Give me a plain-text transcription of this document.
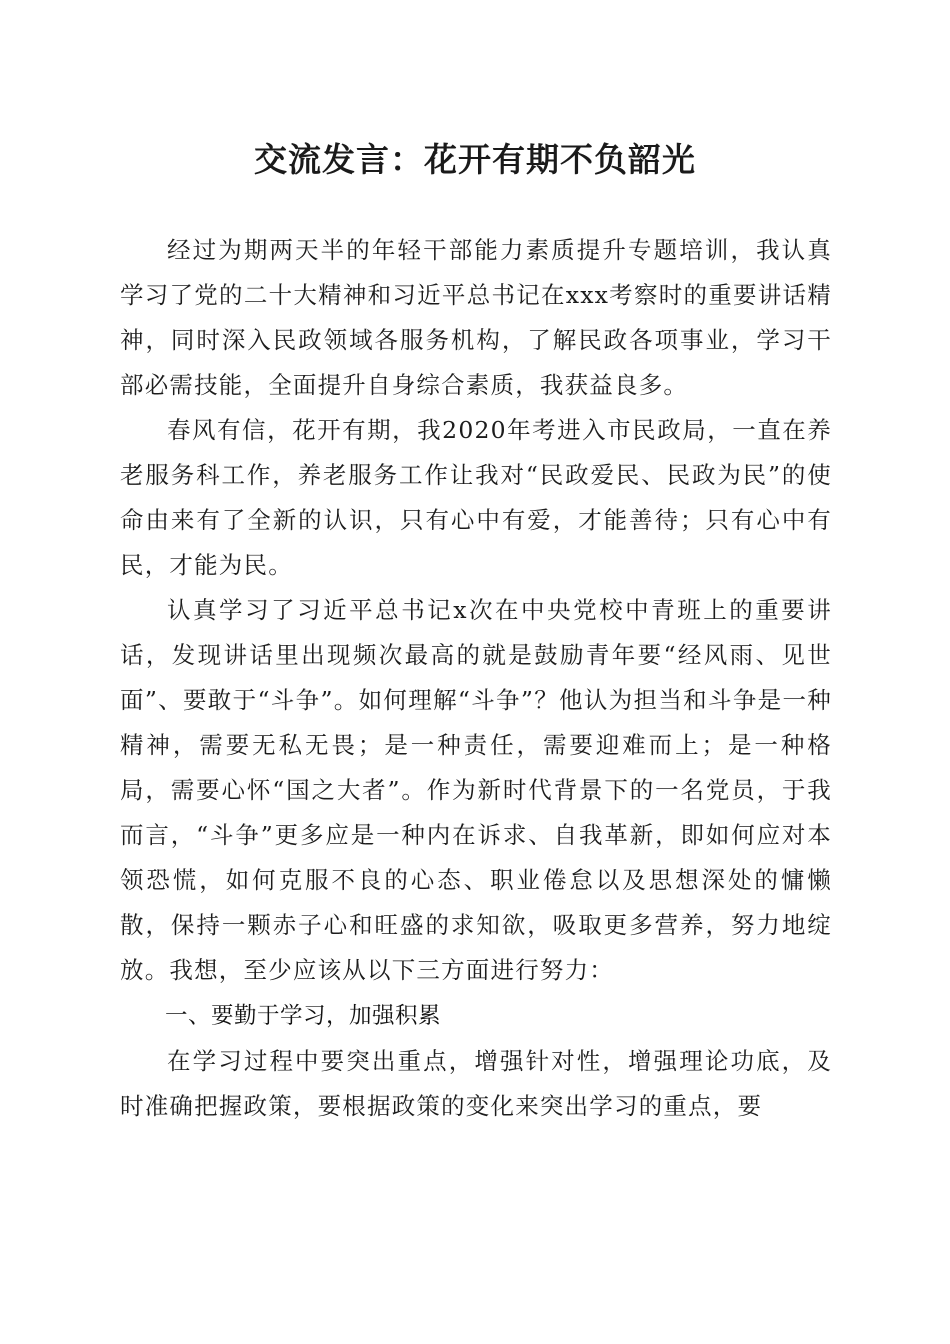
交流发言：花开有期不负韶光

经过为期两天半的年轻干部能力素质提升专题培训，我认真学习了党的二十大精神和习近平总书记在xxx考察时的重要讲话精神，同时深入民政领域各服务机构，了解民政各项事业，学习干部必需技能，全面提升自身综合素质，我获益良多。

春风有信，花开有期，我2020年考进入市民政局，一直在养老服务科工作，养老服务工作让我对“民政爱民、民政为民”的使命由来有了全新的认识，只有心中有爱，才能善待；只有心中有民，才能为民。

认真学习了习近平总书记x次在中央党校中青班上的重要讲话，发现讲话里出现频次最高的就是鼓励青年要“经风雨、见世面”、要敢于“斗争”。如何理解“斗争”？他认为担当和斗争是一种精神，需要无私无畏；是一种责任，需要迎难而上；是一种格局，需要心怀“国之大者”。作为新时代背景下的一名党员，于我而言，“斗争”更多应是一种内在诉求、自我革新，即如何应对本领恐慌，如何克服不良的心态、职业倦怠以及思想深处的慵懒散，保持一颗赤子心和旺盛的求知欲，吸取更多营养，努力地绽放。我想，至少应该从以下三方面进行努力：

一、要勤于学习，加强积累

在学习过程中要突出重点，增强针对性，增强理论功底，及时准确把握政策，要根据政策的变化来突出学习的重点，要
